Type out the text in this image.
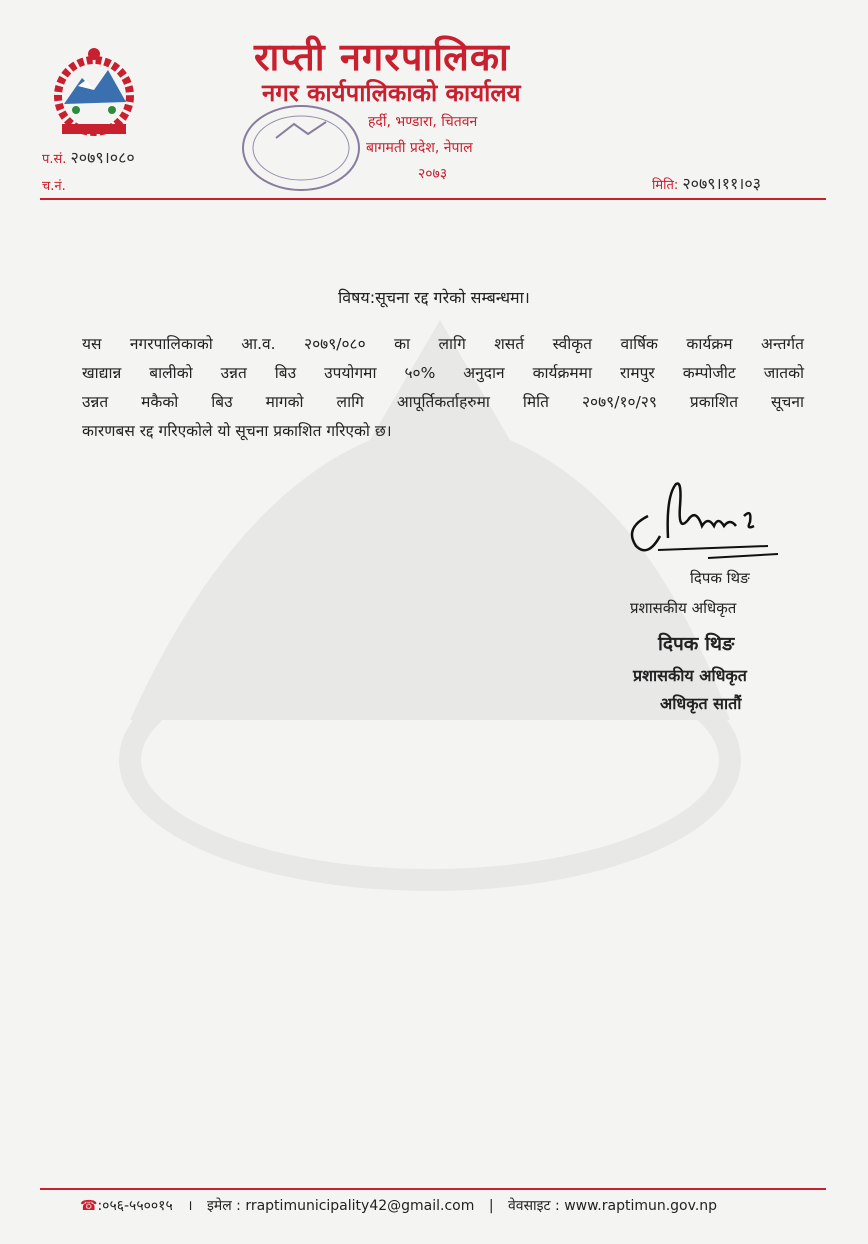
राप्ती नगरपालिका
नगर कार्यपालिकाको कार्यालय
हर्दी, भण्डारा, चितवन
बागमती प्रदेश, नेपाल
२०७३
प.सं. २०७९।०८०
च.नं.	मिति: २०७९।११।०३
विषय:सूचना रद्द गरेको सम्बन्धमा।
यस नगरपालिकाको आ.व. २०७९/०८० का लागि शसर्त स्वीकृत वार्षिक कार्यक्रम अन्तर्गत
खाद्यान्न बालीको उन्नत बिउ उपयोगमा ५०% अनुदान कार्यक्रममा रामपुर कम्पोजीट जातको
उन्नत मकैको बिउ मागको लागि आपूर्तिकर्ताहरुमा मिति २०७९/१०/२९ प्रकाशित सूचना
कारणबस रद्द गरिएकोले यो सूचना प्रकाशित गरिएको छ।
दिपक थिङ
प्रशासकीय अधिकृत
दिपक थिङ
प्रशासकीय अधिकृत
अधिकृत सातौं
☎:०५६-५५००१५ । इमेल : rraptimunicipality42@gmail.com | वेवसाइट : www.raptimun.gov.np
